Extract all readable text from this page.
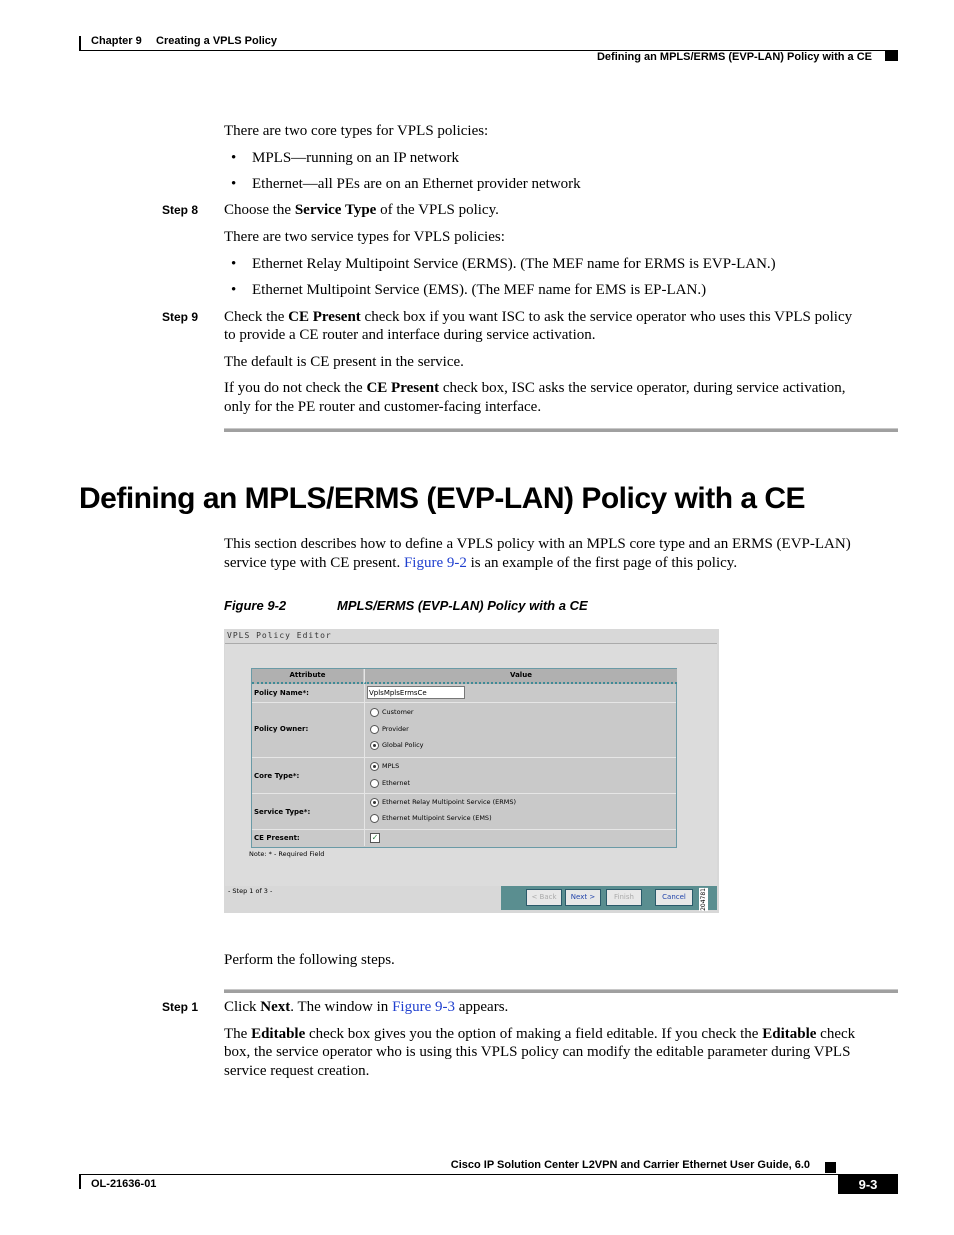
Chapter 9 Creating a VPLS Policy
Defining an MPLS/ERMS (EVP-LAN) Policy with a CE
There are two core types for VPLS policies:
• MPLS—running on an IP network
• Ethernet—all PEs are on an Ethernet provider network
Step 8 Choose the Service Type of the VPLS policy.
There are two service types for VPLS policies:
• Ethernet Relay Multipoint Service (ERMS). (The MEF name for ERMS is EVP-LAN.)
• Ethernet Multipoint Service (EMS). (The MEF name for EMS is EP-LAN.)
Step 9 Check the CE Present check box if you want ISC to ask the service operator who uses this VPLS policy
to provide a CE router and interface during service activation.
The default is CE present in the service.
If you do not check the CE Present check box, ISC asks the service operator, during service activation,
only for the PE router and customer-facing interface.
Defining an MPLS/ERMS (EVP-LAN) Policy with a CE
This section describes how to define a VPLS policy with an MPLS core type and an ERMS (EVP-LAN)
service type with CE present. Figure 9-2 is an example of the first page of this policy.
Figure 9-2	MPLS/ERMS (EVP-LAN) Policy with a CE
VPLS Policy Editor
Attribute	Value
Policy Name*:
VplsMplsErmsCe
Policy Owner:
Customer
Provider
Global Policy
Core Type*:
MPLS
Ethernet
Service Type*:
Ethernet Relay Multipoint Service (ERMS)
Ethernet Multipoint Service (EMS)
CE Present:	✓
Note: * - Required Field
- Step 1 of 3 -
< Back	Next >	Finish	Cancel	204781
Perform the following steps.
Step 1 Click Next. The window in Figure 9-3 appears.
The Editable check box gives you the option of making a field editable. If you check the Editable check
box, the service operator who is using this VPLS policy can modify the editable parameter during VPLS
service request creation.
Cisco IP Solution Center L2VPN and Carrier Ethernet User Guide, 6.0
OL-21636-01	9-3
